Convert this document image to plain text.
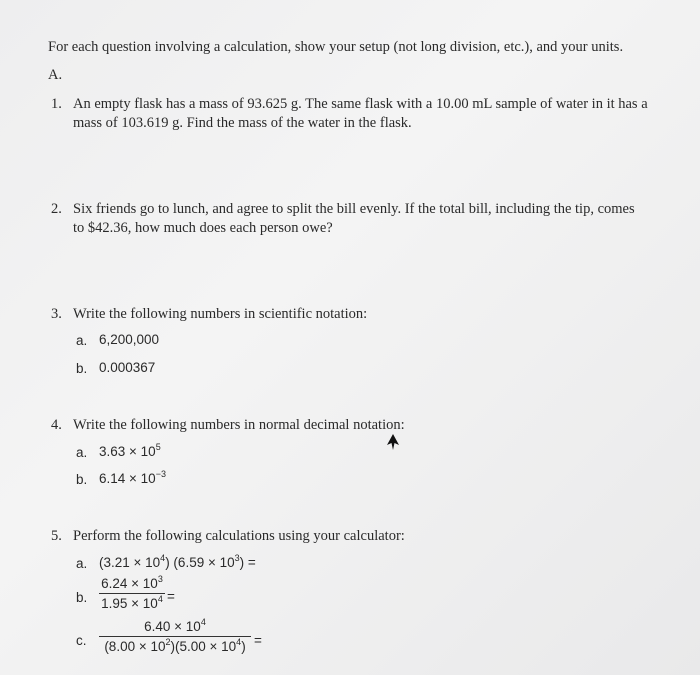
For each question involving a calculation, show your setup (not long division, etc.), and your units.
A.
1. An empty flask has a mass of 93.625 g. The same flask with a 10.00 mL sample of water in it has a
mass of 103.619 g. Find the mass of the water in the flask.
2. Six friends go to lunch, and agree to split the bill evenly. If the total bill, including the tip, comes
to $42.36, how much does each person owe?
3. Write the following numbers in scientific notation:
a. 6,200,000
b. 0.000367
4. Write the following numbers in normal decimal notation:
a. $3.63 \times 10^5$
b. $6.14 \times 10^{-3}$
5. Perform the following calculations using your calculator:
a. $(3.21 \times 10^4)$ $(6.59 \times 10^3)$ =
b.
$6.24 \times 10^3$
$1.95 \times 10^4$ =
c.
$6.40 \times 10^4$
$(8.00 \times 10^2)(5.00 \times 10^4)$ =
